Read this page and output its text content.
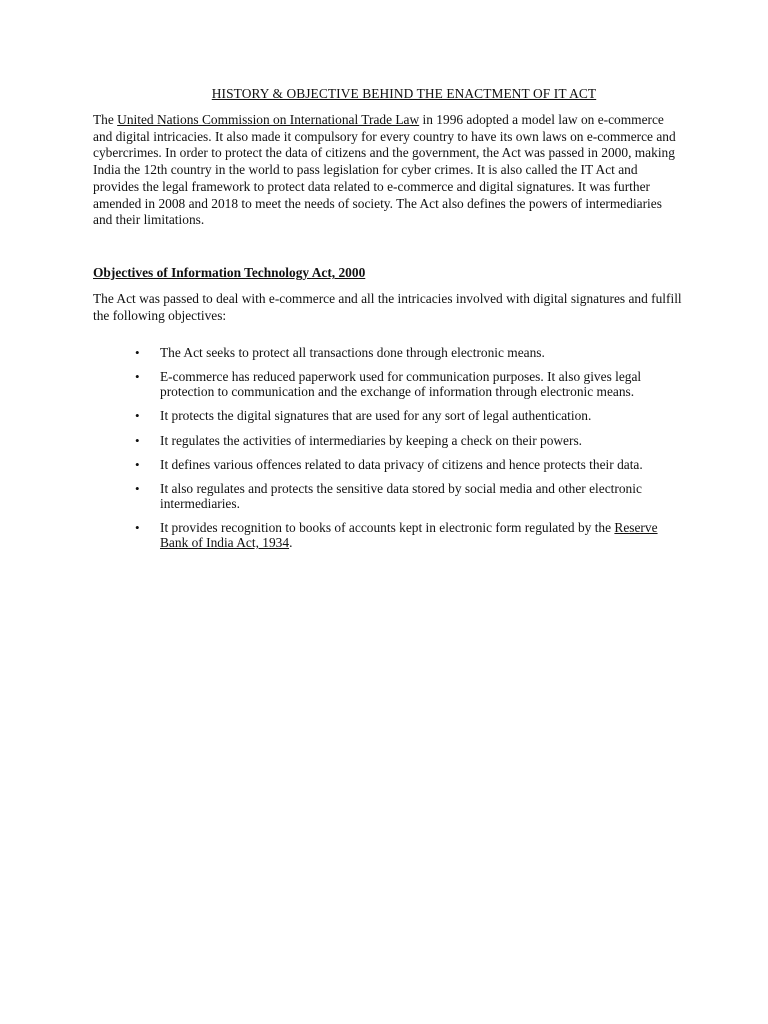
HISTORY & OBJECTIVE BEHIND THE ENACTMENT OF IT ACT
The United Nations Commission on International Trade Law in 1996 adopted a model law on e-commerce and digital intricacies. It also made it compulsory for every country to have its own laws on e-commerce and cybercrimes. In order to protect the data of citizens and the government, the Act was passed in 2000, making India the 12th country in the world to pass legislation for cyber crimes. It is also called the IT Act and provides the legal framework to protect data related to e-commerce and digital signatures. It was further amended in 2008 and 2018 to meet the needs of society. The Act also defines the powers of intermediaries and their limitations.
Objectives of Information Technology Act, 2000
The Act was passed to deal with e-commerce and all the intricacies involved with digital signatures and fulfill the following objectives:
• The Act seeks to protect all transactions done through electronic means.
• E-commerce has reduced paperwork used for communication purposes. It also gives legal protection to communication and the exchange of information through electronic means.
• It protects the digital signatures that are used for any sort of legal authentication.
• It regulates the activities of intermediaries by keeping a check on their powers.
• It defines various offences related to data privacy of citizens and hence protects their data.
• It also regulates and protects the sensitive data stored by social media and other electronic intermediaries.
• It provides recognition to books of accounts kept in electronic form regulated by the Reserve Bank of India Act, 1934.
